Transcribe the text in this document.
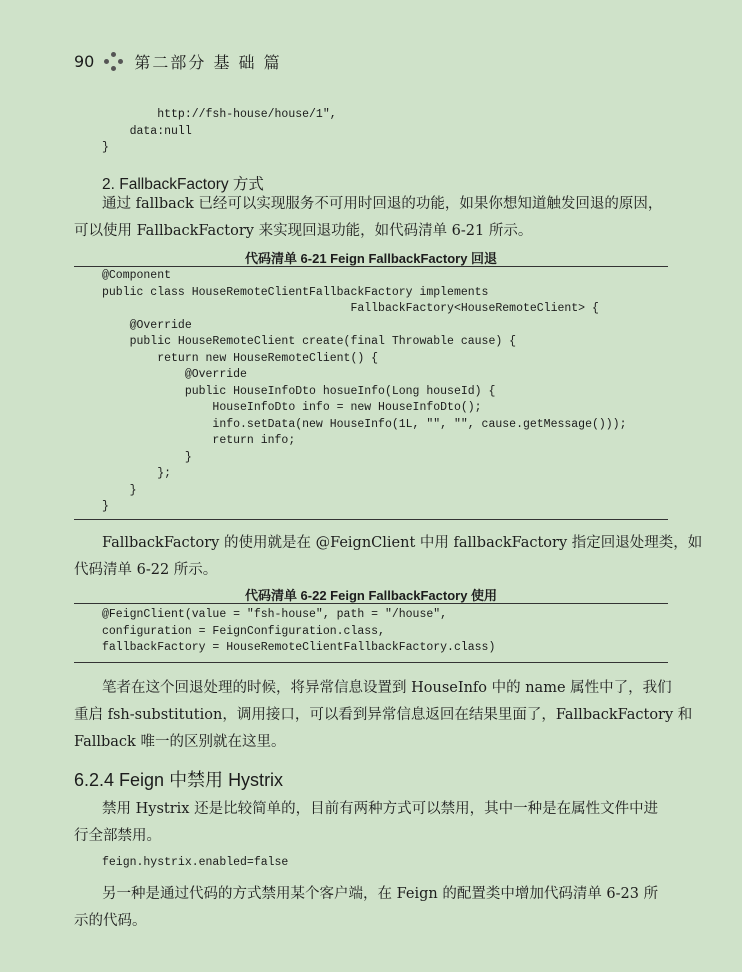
90	第二部分 基 础 篇
http://fsh-house/house/1",
data:null
}
2. FallbackFactory 方式
通过 fallback 已经可以实现服务不可用时回退的功能，如果你想知道触发回退的原因，
可以使用 FallbackFactory 来实现回退功能，如代码清单 6-21 所示。
代码清单 6-21 Feign FallbackFactory 回退
@Component
public class HouseRemoteClientFallbackFactory implements
FallbackFactory<HouseRemoteClient> {
@Override
public HouseRemoteClient create(final Throwable cause) {
return new HouseRemoteClient() {
@Override
public HouseInfoDto hosueInfo(Long houseId) {
HouseInfoDto info = new HouseInfoDto();
info.setData(new HouseInfo(1L, "", "", cause.getMessage()));
return info;
}
};
}
}
FallbackFactory 的使用就是在 @FeignClient 中用 fallbackFactory 指定回退处理类，如
代码清单 6-22 所示。
代码清单 6-22 Feign FallbackFactory 使用
@FeignClient(value = "fsh-house", path = "/house",
configuration = FeignConfiguration.class,
fallbackFactory = HouseRemoteClientFallbackFactory.class)
笔者在这个回退处理的时候，将异常信息设置到 HouseInfo 中的 name 属性中了，我们
重启 fsh-substitution，调用接口，可以看到异常信息返回在结果里面了，FallbackFactory 和
Fallback 唯一的区别就在这里。
6.2.4 Feign 中禁用 Hystrix
禁用 Hystrix 还是比较简单的，目前有两种方式可以禁用，其中一种是在属性文件中进
行全部禁用。
feign.hystrix.enabled=false
另一种是通过代码的方式禁用某个客户端，在 Feign 的配置类中增加代码清单 6-23 所
示的代码。
